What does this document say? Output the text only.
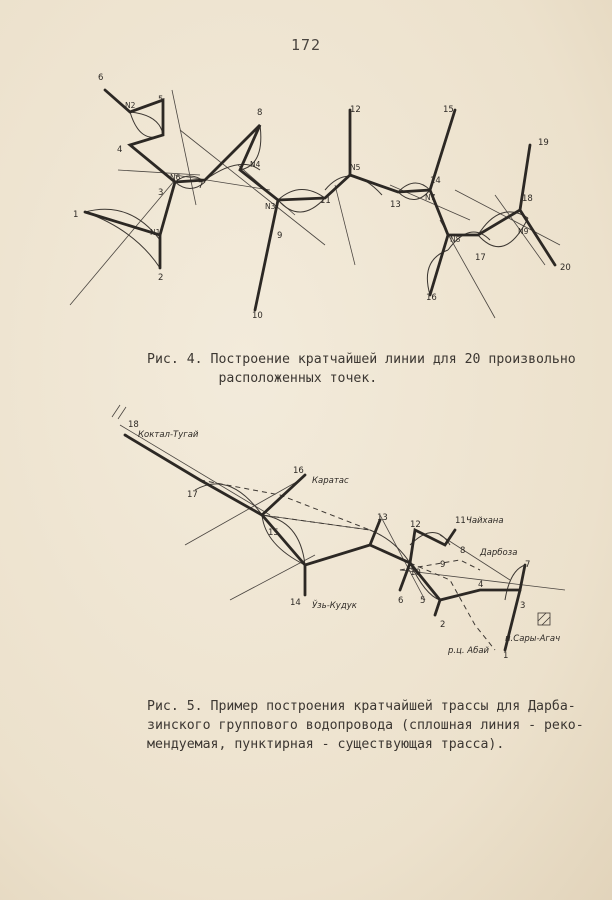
172
1
2
3
4
5
6
7
8
9
10
11
12
13
14
15
16
17
18
19
20
N1
N2
N3
N4	N5
N6
N7
N8
N9
Рис. 4. Построение кратчайшей линии для 20 произвольно
расположенных точек.
1
2
3
4
5
6
7
8
9
10
11
12
13
14
15
16
17
18
Коктал-Тугай
Каратас
Чайхана
Дарбоза
п.Сары-Агач
р.ц. Абай
Ўзь-Кудук
Рис. 5. Пример построения кратчайшей трассы для Дарба-
зинского группового водопровода (сплошная линия - реко-
мендуемая, пунктирная - существующая трасса).
